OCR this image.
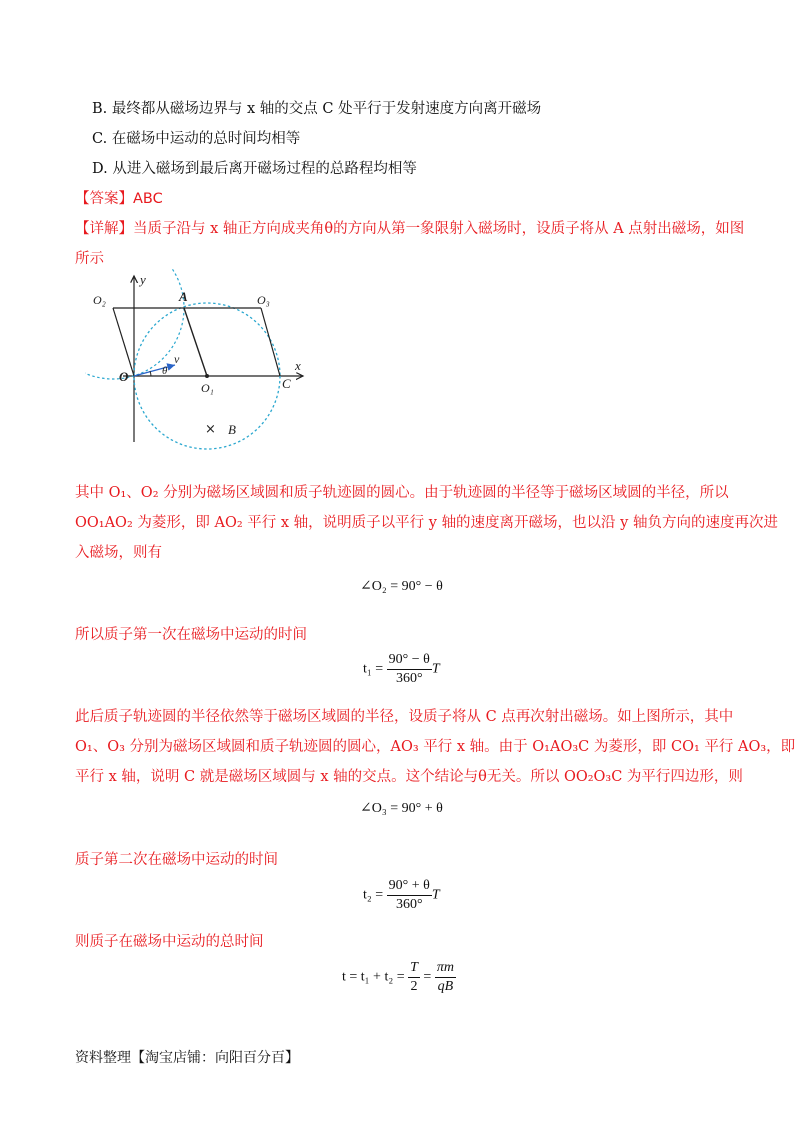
B. 最终都从磁场边界与 x 轴的交点 C 处平行于发射速度方向离开磁场
C. 在磁场中运动的总时间均相等
D. 从进入磁场到最后离开磁场过程的总路程均相等
【答案】ABC
【详解】当质子沿与 x 轴正方向成夹角θ的方向从第一象限射入磁场时，设质子将从 A 点射出磁场，如图
所示
y
x
O
O₁
O₂	O₃
A
C
v
θ
× B
其中 O₁、O₂ 分别为磁场区域圆和质子轨迹圆的圆心。由于轨迹圆的半径等于磁场区域圆的半径，所以
OO₁AO₂ 为菱形，即 AO₂ 平行 x 轴，说明质子以平行 y 轴的速度离开磁场，也以沿 y 轴负方向的速度再次进
入磁场，则有
∠O₂ = 90° − θ
所以质子第一次在磁场中运动的时间
$t_1 = \frac{90^\circ - \theta}{360^\circ}$ T
此后质子轨迹圆的半径依然等于磁场区域圆的半径，设质子将从 C 点再次射出磁场。如上图所示，其中
O₁、O₃ 分别为磁场区域圆和质子轨迹圆的圆心，AO₃ 平行 x 轴。由于 O₁AO₃C 为菱形，即 CO₁ 平行 AO₃，即
平行 x 轴，说明 C 就是磁场区域圆与 x 轴的交点。这个结论与θ无关。所以 OO₂O₃C 为平行四边形，则
∠O₃ = 90° + θ
质子第二次在磁场中运动的时间
$t_2 = \frac{90^\circ + \theta}{360^\circ}$ T
则质子在磁场中运动的总时间
$t = t_1 + t_2 = \frac{T}{2} = \frac{\pi m}{qB}$
资料整理【淘宝店铺：向阳百分百】
